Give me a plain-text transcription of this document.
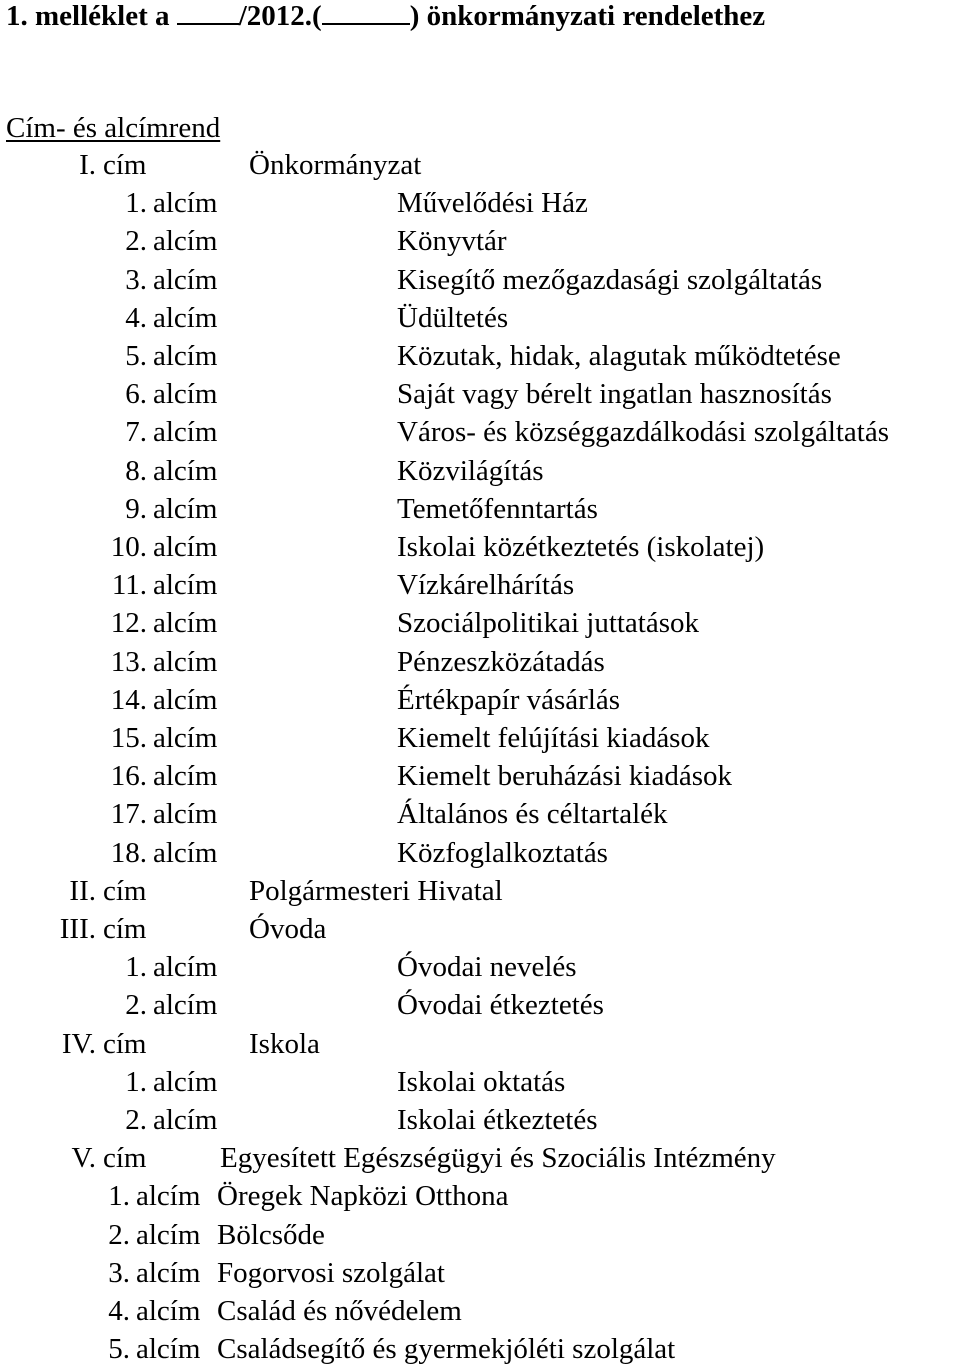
1. melléklet a /2012.(	) önkormányzati rendelethez
Cím- és alcímrend
I. cím	Önkormányzat
1. alcím	Művelődési Ház
2. alcím	Könyvtár
3. alcím	Kisegítő mezőgazdasági szolgáltatás
4. alcím	Üdültetés
5. alcím	Közutak, hidak, alagutak működtetése
6. alcím	Saját vagy bérelt ingatlan hasznosítás
7. alcím	Város- és községgazdálkodási szolgáltatás
8. alcím	Közvilágítás
9. alcím	Temetőfenntartás
10. alcím	Iskolai közétkeztetés (iskolatej)
11. alcím	Vízkárelhárítás
12. alcím	Szociálpolitikai juttatások
13. alcím	Pénzeszközátadás
14. alcím	Értékpapír vásárlás
15. alcím	Kiemelt felújítási kiadások
16. alcím	Kiemelt beruházási kiadások
17. alcím	Általános és céltartalék
18. alcím	Közfoglalkoztatás
II. cím	Polgármesteri Hivatal
III. cím	Óvoda
1. alcím	Óvodai nevelés
2. alcím	Óvodai étkeztetés
IV. cím	Iskola
1. alcím	Iskolai oktatás
2. alcím	Iskolai étkeztetés
V. cím	Egyesített Egészségügyi és Szociális Intézmény
1. alcím Öregek Napközi Otthona
2. alcím Bölcsőde
3. alcím Fogorvosi szolgálat
4. alcím Család és nővédelem
5. alcím Családsegítő és gyermekjóléti szolgálat
